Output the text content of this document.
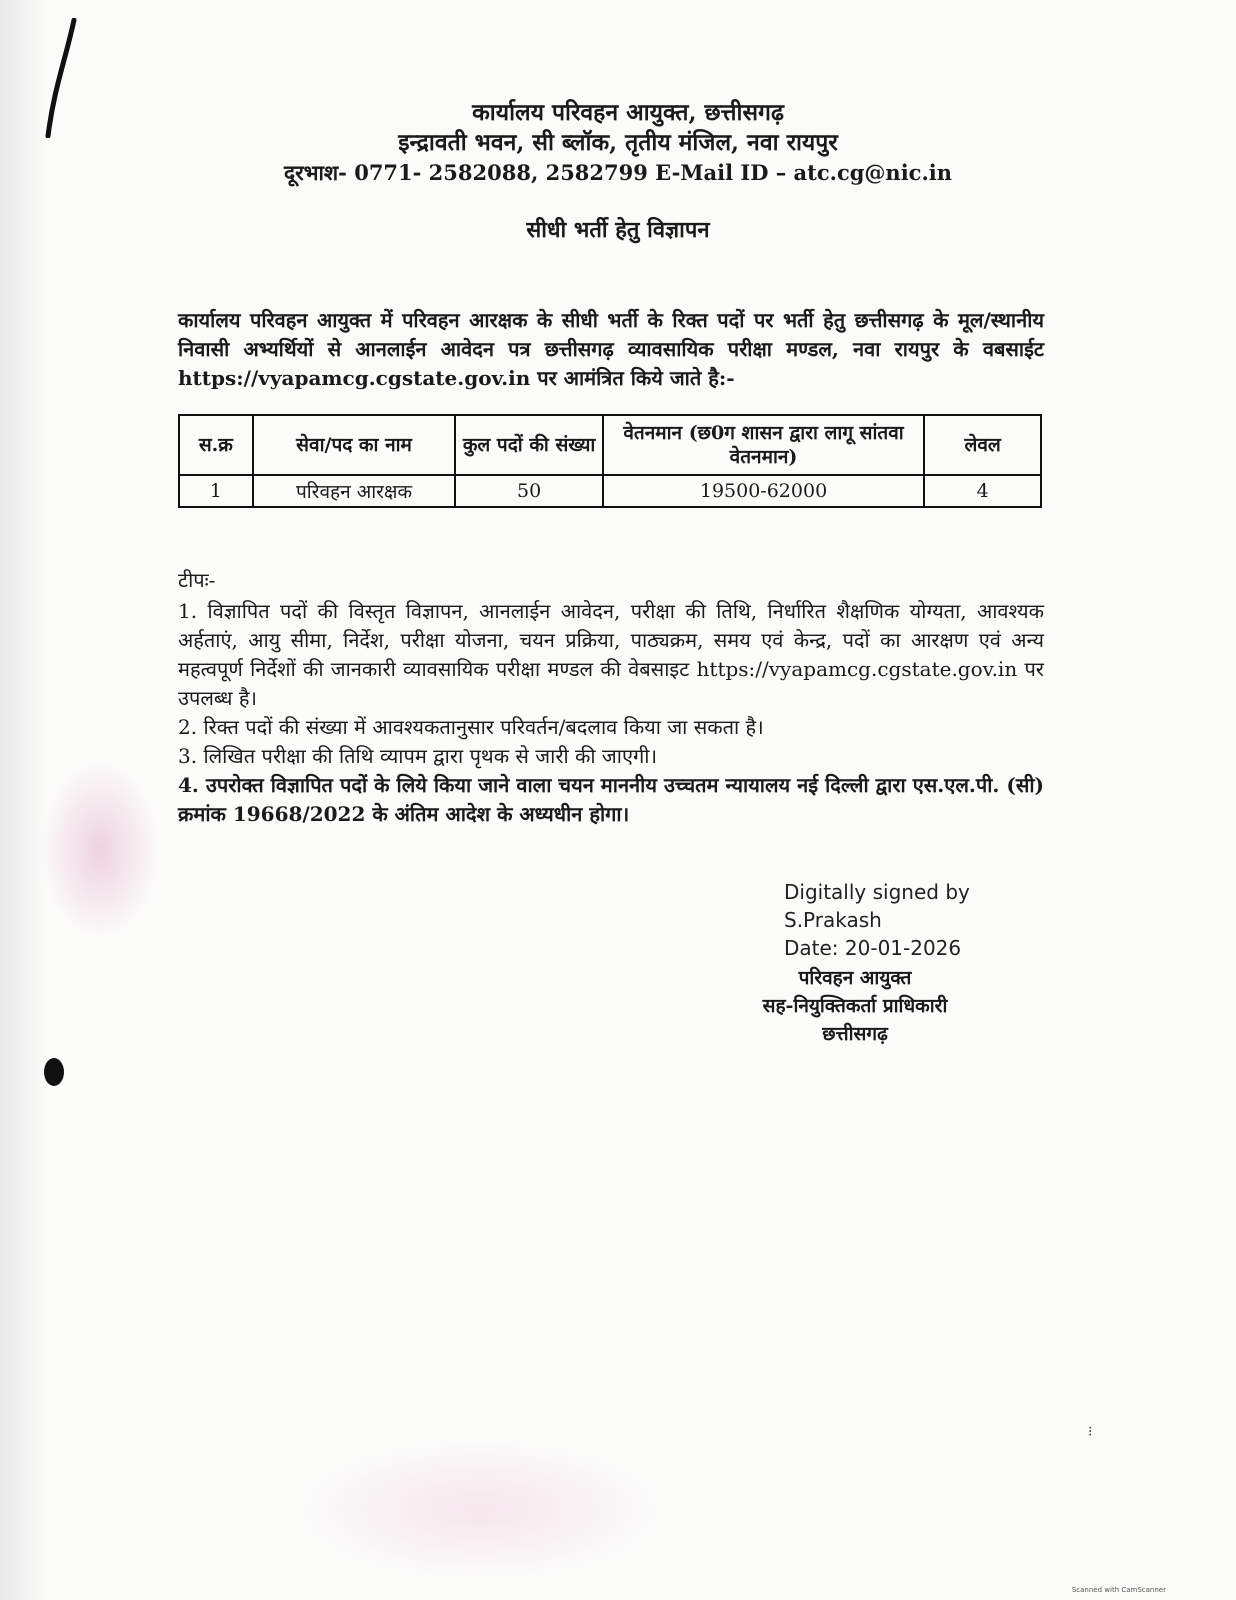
कार्यालय परिवहन आयुक्त, छत्तीसगढ़
इन्द्रावती भवन, सी ब्लॉक, तृतीय मंजिल, नवा रायपुर
दूरभाश- 0771- 2582088, 2582799 E-Mail ID – atc.cg@nic.in
सीधी भर्ती हेतु विज्ञापन
कार्यालय परिवहन आयुक्त में परिवहन आरक्षक के सीधी भर्ती के रिक्त पदों पर भर्ती हेतु छत्तीसगढ़ के मूल/स्थानीय निवासी अभ्यर्थियों से आनलाईन आवेदन पत्र छत्तीसगढ़ व्यावसायिक परीक्षा मण्डल, नवा रायपुर के वबसाईट https://vyapamcg.cgstate.gov.in पर आमंत्रित किये जाते है:-
स.क्र	सेवा/पद का नाम	कुल पदों की संख्या	वेतनमान (छ0ग शासन द्वारा लागू सांतवा वेतनमान)	लेवल
1	परिवहन आरक्षक	50	19500-62000	4
टीपः-
1. विज्ञापित पदों की विस्तृत विज्ञापन, आनलाईन आवेदन, परीक्षा की तिथि, निर्धारित शैक्षणिक योग्यता, आवश्यक अर्हताएं, आयु सीमा, निर्देश, परीक्षा योजना, चयन प्रक्रिया, पाठ्यक्रम, समय एवं केन्द्र, पदों का आरक्षण एवं अन्य महत्वपूर्ण निर्देशों की जानकारी व्यावसायिक परीक्षा मण्डल की वेबसाइट https://vyapamcg.cgstate.gov.in पर उपलब्ध है।
2. रिक्त पदों की संख्या में आवश्यकतानुसार परिवर्तन/बदलाव किया जा सकता है।
3. लिखित परीक्षा की तिथि व्यापम द्वारा पृथक से जारी की जाएगी।
4. उपरोक्त विज्ञापित पदों के लिये किया जाने वाला चयन माननीय उच्चतम न्यायालय नई दिल्ली द्वारा एस.एल.पी. (सी) क्रमांक 19668/2022 के अंतिम आदेश के अध्यधीन होगा।
Digitally signed by
S.Prakash
Date: 20-01-2026
परिवहन आयुक्त
सह-नियुक्तिकर्ता प्राधिकारी
छत्तीसगढ़
⁝
Scanned with CamScanner
